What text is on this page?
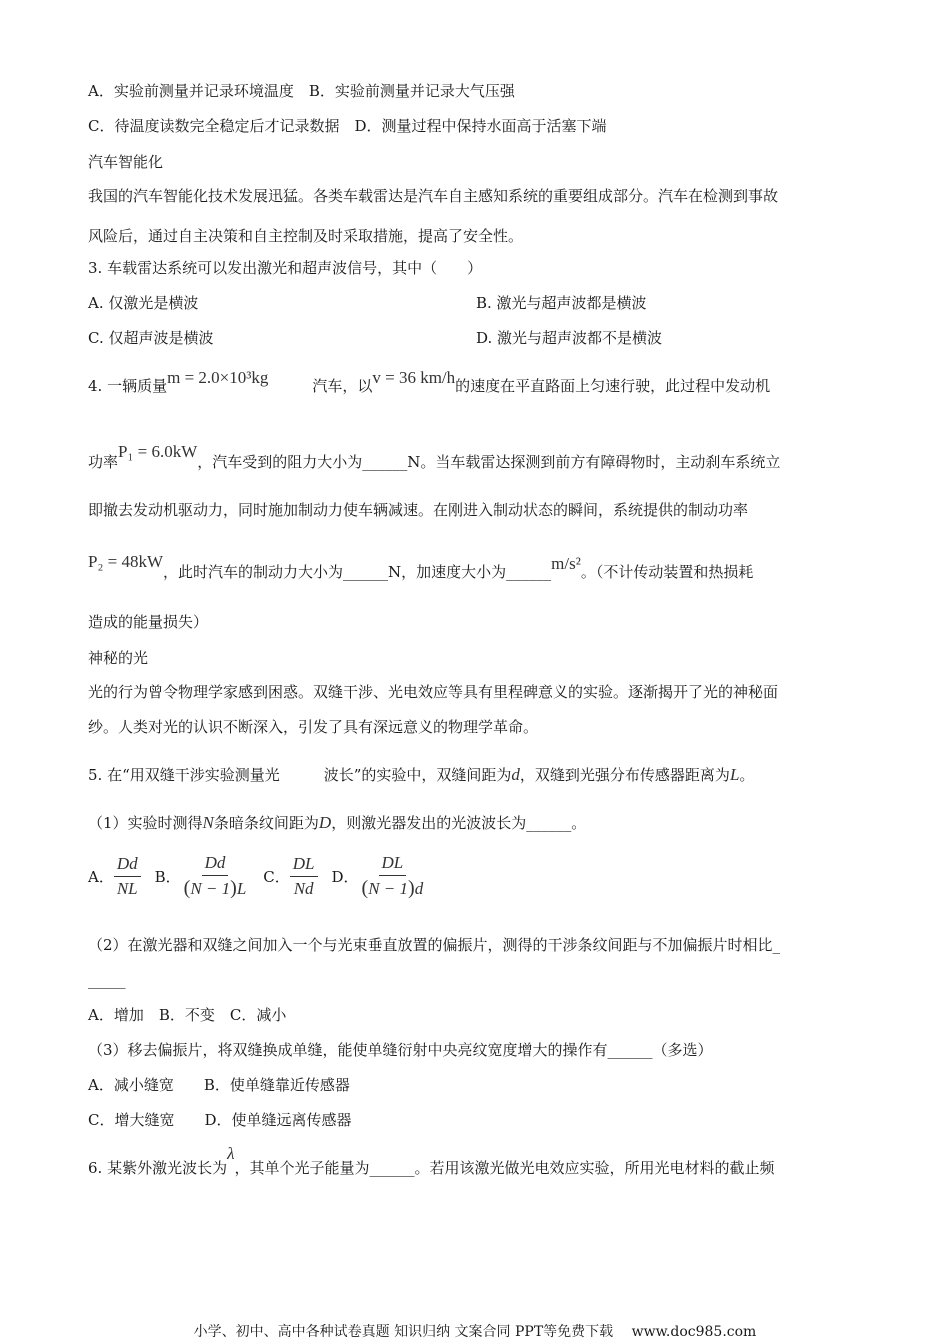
A．实验前测量并记录环境温度　B．实验前测量并记录大气压强
C．待温度读数完全稳定后才记录数据　D．测量过程中保持水面高于活塞下端
汽车智能化
我国的汽车智能化技术发展迅猛。各类车载雷达是汽车自主感知系统的重要组成部分。汽车在检测到事故
风险后，通过自主决策和自主控制及时采取措施，提高了安全性。
3. 车载雷达系统可以发出激光和超声波信号，其中（　　）
A. 仅激光是横波	B. 激光与超声波都是横波
C. 仅超声波是横波	D. 激光与超声波都不是横波
4. 一辆质量m = 2.0×10³kg	汽车，以v = 36 km/h的速度在平直路面上匀速行驶，此过程中发动机
功率P₁ = 6.0kW，汽车受到的阻力大小为______N。当车载雷达探测到前方有障碍物时，主动刹车系统立
即撤去发动机驱动力，同时施加制动力使车辆减速。在刚进入制动状态的瞬间，系统提供的制动功率
P₂ = 48kW，此时汽车的制动力大小为______N，加速度大小为______m/s²。（不计传动装置和热损耗
造成的能量损失）
神秘的光
光的行为曾令物理学家感到困惑。双缝干涉、光电效应等具有里程碑意义的实验。逐渐揭开了光的神秘面
纱。人类对光的认识不断深入，引发了具有深远意义的物理学革命。
5. 在“用双缝干涉实验测量光	波长”的实验中，双缝间距为d，双缝到光强分布传感器距离为L。
（1）实验时测得N条暗条纹间距为D，则激光器发出的光波波长为______。
A． $\frac{Dd}{NL}$ B． $\frac{Dd}{(N - 1)L}$ C． $\frac{DL}{Nd}$ D． $\frac{DL}{(N - 1)d}$
（2）在激光器和双缝之间加入一个与光束垂直放置的偏振片，测得的干涉条纹间距与不加偏振片时相比_
_____
A．增加　B．不变　C．减小
（3）移去偏振片，将双缝换成单缝，能使单缝衍射中央亮纹宽度增大的操作有______（多选）
A．减小缝宽　　B．使单缝靠近传感器
C．增大缝宽　　D．使单缝远离传感器
6. 某紫外激光波长为λ，其单个光子能量为______。若用该激光做光电效应实验，所用光电材料的截止频
小学、初中、高中各种试卷真题 知识归纳 文案合同 PPT等免费下载　 www.doc985.com
